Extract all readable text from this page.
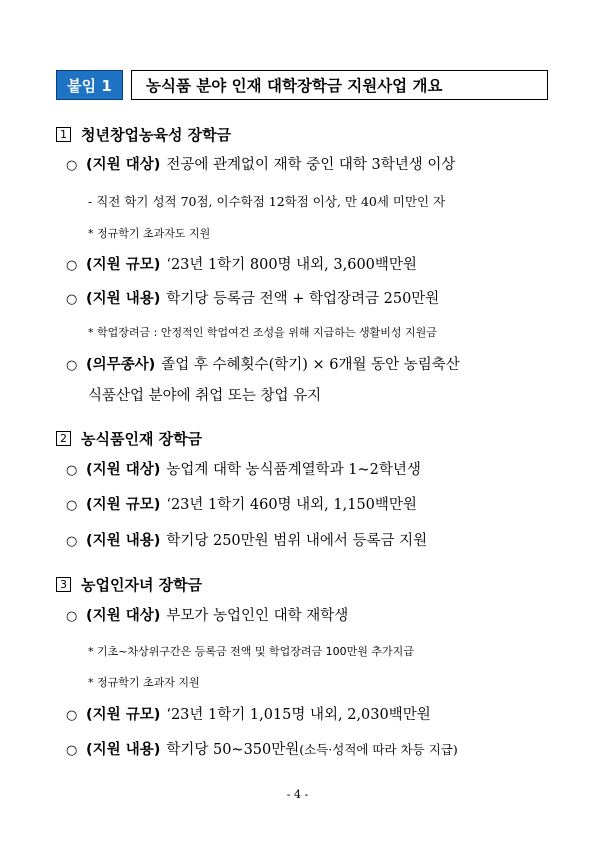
붙임 1	농식품 분야 인재 대학장학금 지원사업 개요
1 청년창업농육성 장학금
○ (지원 대상) 전공에 관계없이 재학 중인 대학 3학년생 이상
- 직전 학기 성적 70점, 이수학점 12학점 이상, 만 40세 미만인 자
* 정규학기 초과자도 지원
○ (지원 규모) ‘23년 1학기 800명 내외, 3,600백만원
○ (지원 내용) 학기당 등록금 전액 + 학업장려금 250만원
* 학업장려금 : 안정적인 학업여건 조성을 위해 지급하는 생활비성 지원금
○ (의무종사) 졸업 후 수혜횟수(학기) × 6개월 동안 농림축산
식품산업 분야에 취업 또는 창업 유지
2 농식품인재 장학금
○ (지원 대상) 농업계 대학 농식품계열학과 1~2학년생
○ (지원 규모) ‘23년 1학기 460명 내외, 1,150백만원
○ (지원 내용) 학기당 250만원 범위 내에서 등록금 지원
3 농업인자녀 장학금
○ (지원 대상) 부모가 농업인인 대학 재학생
* 기초~차상위구간은 등록금 전액 및 학업장려금 100만원 추가지급
* 정규학기 초과자 지원
○ (지원 규모) ‘23년 1학기 1,015명 내외, 2,030백만원
○ (지원 내용) 학기당 50~350만원(소득·성적에 따라 차등 지급)
- 4 -
